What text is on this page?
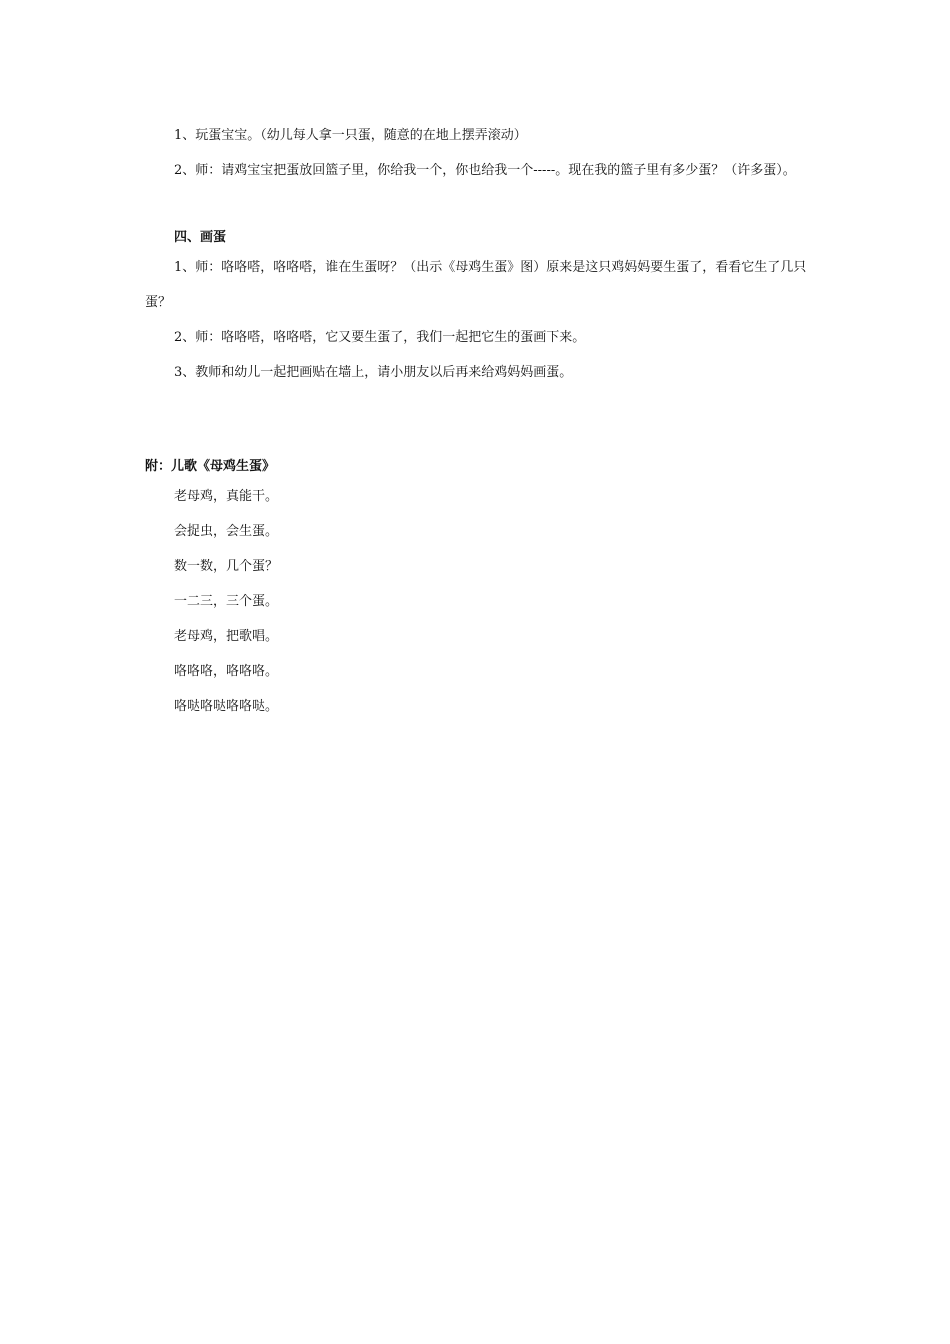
1、玩蛋宝宝。（幼儿每人拿一只蛋，随意的在地上摆弄滚动）

2、师：请鸡宝宝把蛋放回篮子里，你给我一个，你也给我一个-----。现在我的篮子里有多少蛋？（许多蛋）。

四、画蛋

1、师：咯咯嗒，咯咯嗒，谁在生蛋呀？（出示《母鸡生蛋》图）原来是这只鸡妈妈要生蛋了，看看它生了几只蛋？

2、师：咯咯嗒，咯咯嗒，它又要生蛋了，我们一起把它生的蛋画下来。

3、教师和幼儿一起把画贴在墙上，请小朋友以后再来给鸡妈妈画蛋。

附：儿歌《母鸡生蛋》

老母鸡，真能干。
会捉虫，会生蛋。
数一数，几个蛋？
一二三，三个蛋。
老母鸡，把歌唱。
咯咯咯，咯咯咯。
咯哒咯哒咯咯哒。
